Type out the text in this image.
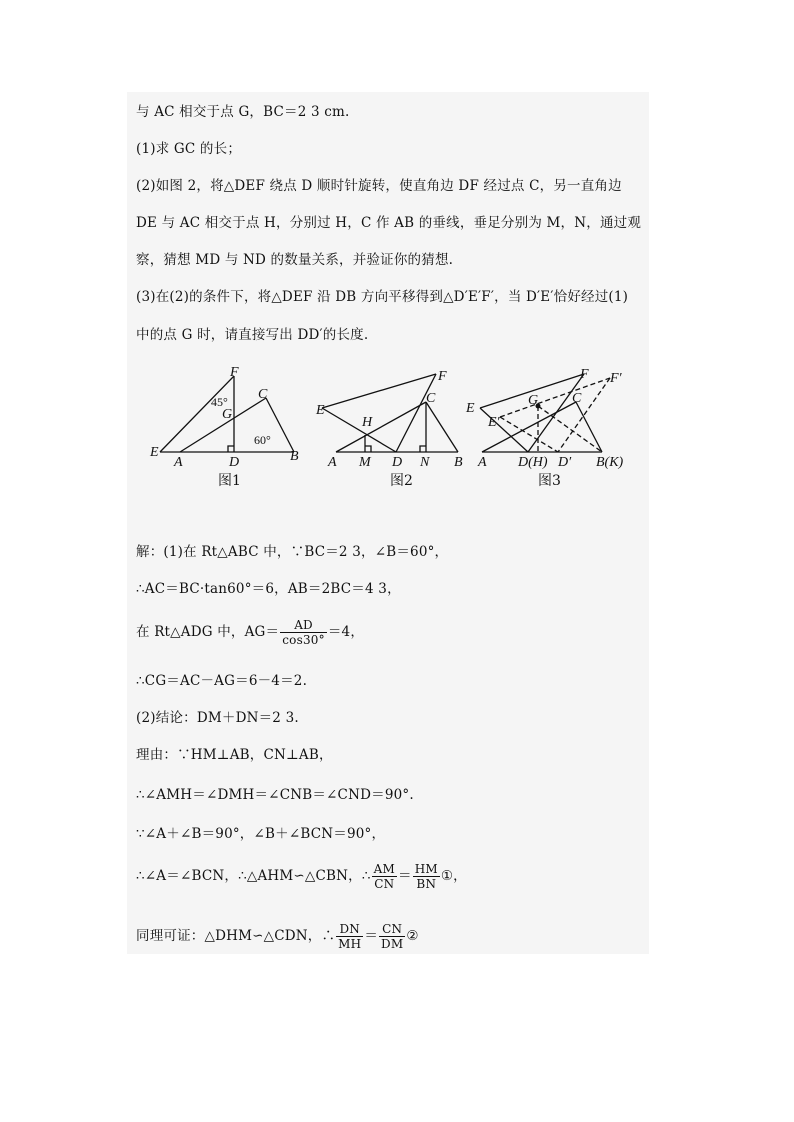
与 AC 相交于点 G，BC＝2 3 cm.
(1)求 GC 的长；
(2)如图 2，将△DEF 绕点 D 顺时针旋转，使直角边 DF 经过点 C，另一直角边
DE 与 AC 相交于点 H，分别过 H，C 作 AB 的垂线，垂足分别为 M，N，通过观
察，猜想 MD 与 ND 的数量关系，并验证你的猜想.
(3)在(2)的条件下，将△DEF 沿 DB 方向平移得到△D′E′F′，当 D′E′恰好经过(1)
中的点 G 时，请直接写出 DD′的长度.
F
C
45°
G
60°
E
A	D	B
F
E
H
C
A M D N B
F F′
E
G C
E′
A D(H) D′ B(K)
图1	图2	图3
解：(1)在 Rt△ABC 中，∵BC＝2 3，∠B＝60°，
∴AC＝BC·tan60°＝6，AB＝2BC＝4 3，
在 Rt△ADG 中，$AG= \frac{AD}{\cos 30^\circ} =4$，
∴CG＝AC－AG＝6－4＝2.
(2)结论：DM＋DN＝2 3.
理由：∵HM⊥AB，CN⊥AB，
∴∠AMH＝∠DMH＝∠CNB＝∠CND＝90°.
∵∠A＋∠B＝90°，∠B＋∠BCN＝90°，
∴∠A＝∠BCN，∴△AHM∽△CBN，∴ $\frac{AM}{CN} = \frac{HM}{BN}$ ①，
同理可证：△DHM∽△CDN，∴ $\frac{DN}{MH} = \frac{CN}{DM}$ ②
